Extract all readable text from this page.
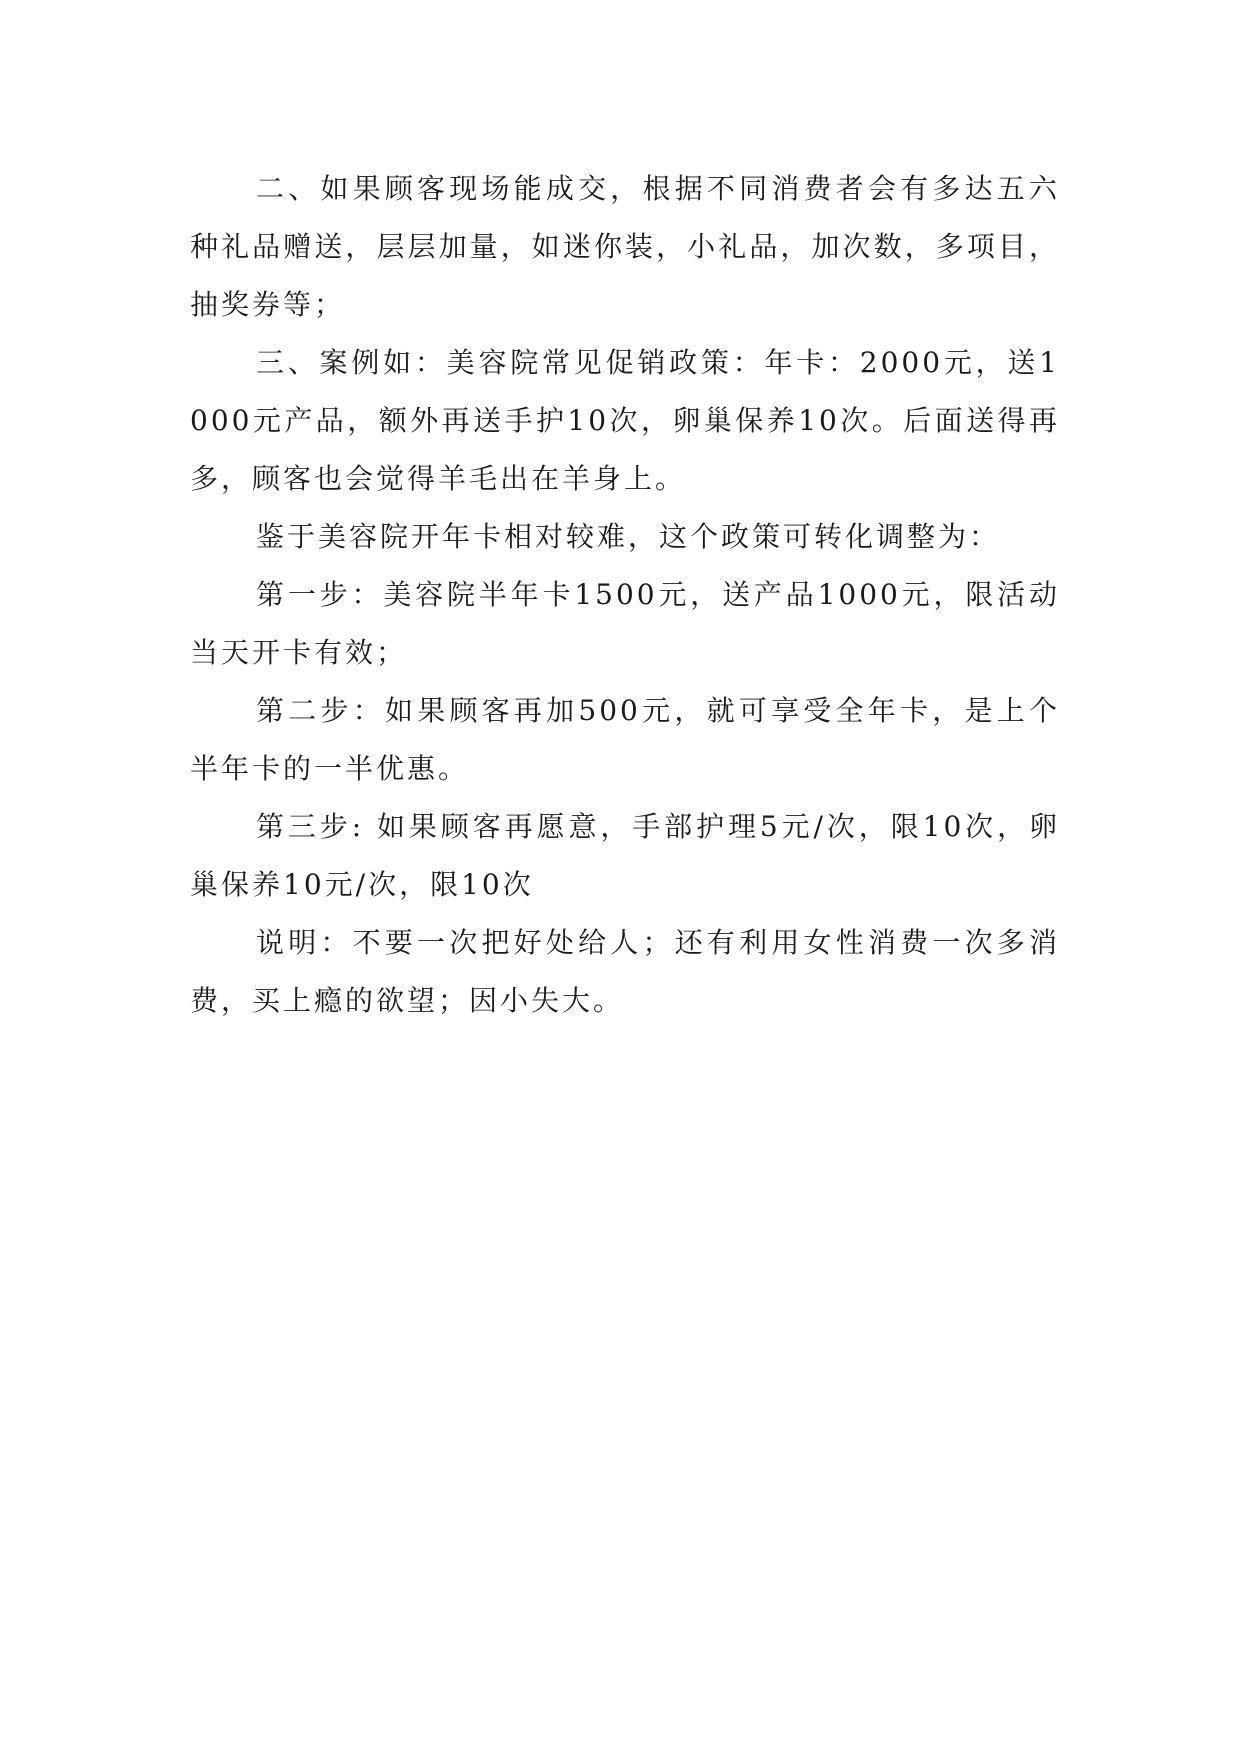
二、如果顾客现场能成交，根据不同消费者会有多达五六种礼品赠送，层层加量，如迷你装，小礼品，加次数，多项目，抽奖券等；

三、案例如：美容院常见促销政策：年卡：2000元，送1000元产品，额外再送手护10次，卵巢保养10次。后面送得再多，顾客也会觉得羊毛出在羊身上。

鉴于美容院开年卡相对较难，这个政策可转化调整为：

第一步：美容院半年卡1500元，送产品1000元，限活动当天开卡有效；

第二步：如果顾客再加500元，就可享受全年卡，是上个半年卡的一半优惠。

第三步: 如果顾客再愿意，手部护理5元/次，限10次，卵巢保养10元/次，限10次

说明：不要一次把好处给人；还有利用女性消费一次多消费，买上瘾的欲望；因小失大。
